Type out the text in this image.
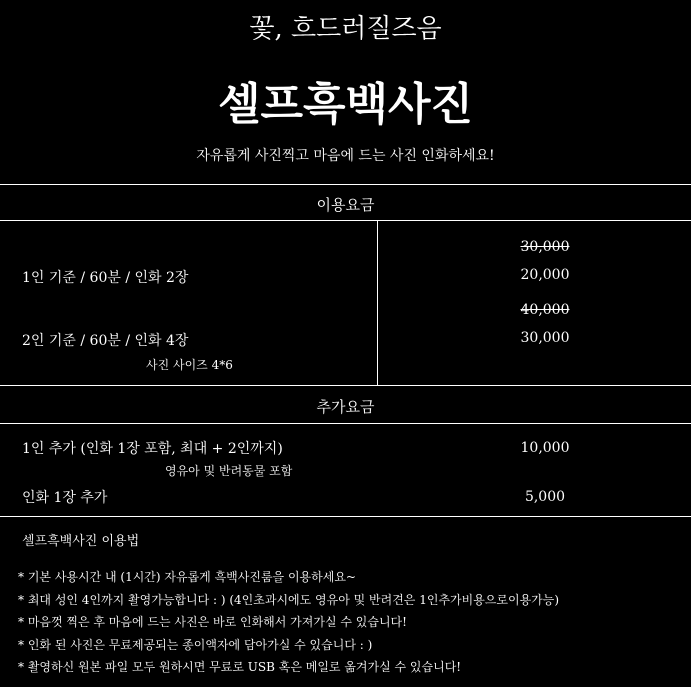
꽃, 흐드러질즈음
셀프흑백사진
자유롭게 사진찍고 마음에 드는 사진 인화하세요!
이용요금
1인 기준 / 60분 / 인화 2장
30,000
20,000
2인 기준 / 60분 / 인화 4장
40,000
30,000
사진 사이즈 4*6
추가요금
1인 추가 (인화 1장 포함, 최대 + 2인까지)
영유아 및 반려동물 포함
10,000
인화 1장 추가	5,000
셀프흑백사진 이용법
* 기본 사용시간 내 (1시간) 자유롭게 흑백사진룸을 이용하세요~
* 최대 성인 4인까지 촬영가능합니다 : ) (4인초과시에도 영유아 및 반려견은 1인추가비용으로이용가능)
* 마음껏 찍은 후 마음에 드는 사진은 바로 인화해서 가져가실 수 있습니다!
* 인화 된 사진은 무료제공되는 종이액자에 담아가실 수 있습니다 : )
* 촬영하신 원본 파일 모두 원하시면 무료로 USB 혹은 메일로 옮겨가실 수 있습니다!
